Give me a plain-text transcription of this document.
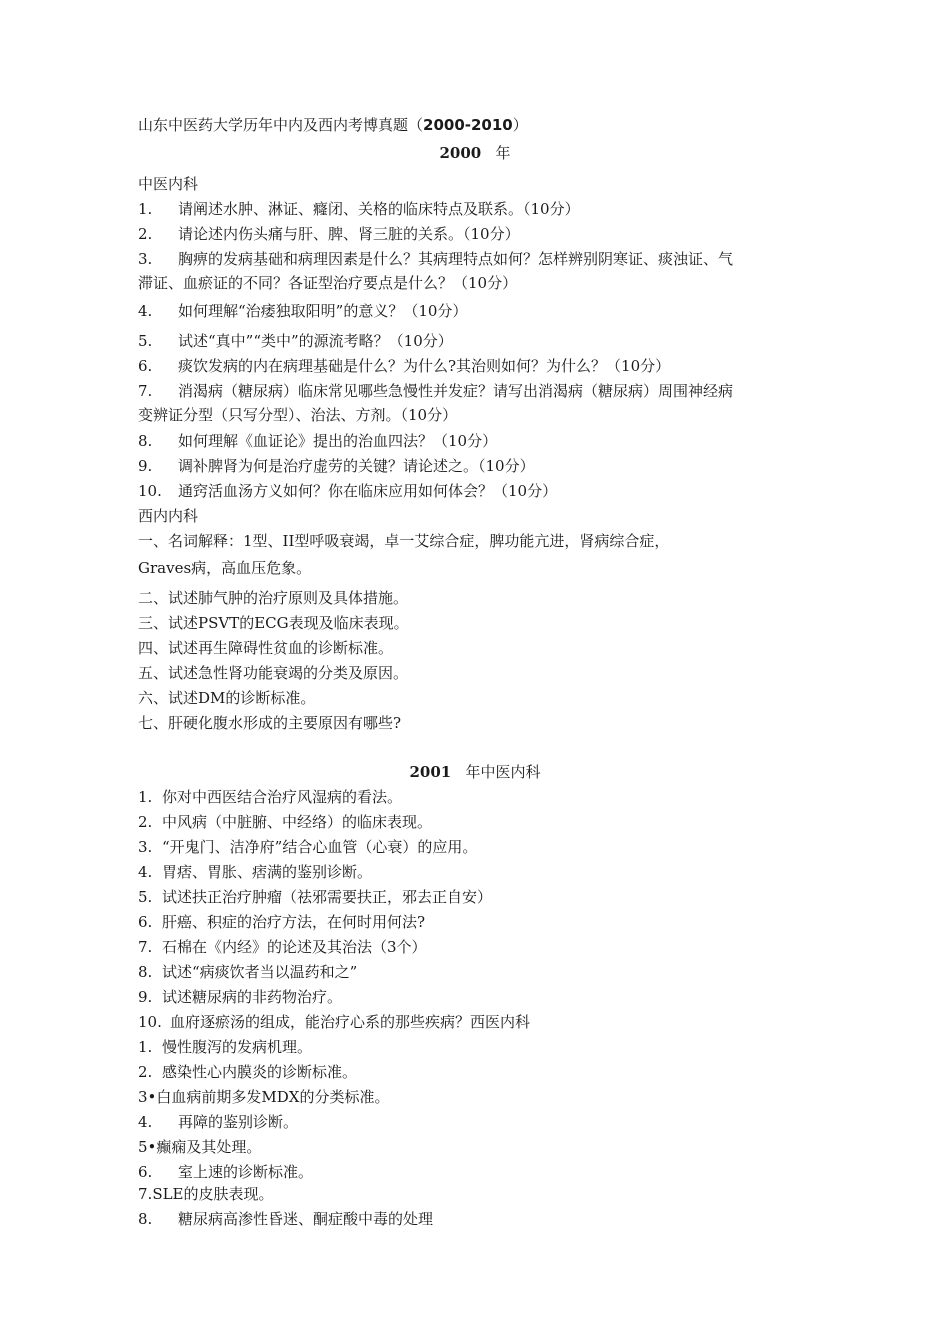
山东中医药大学历年中内及西内考博真题（2000-2010）
2000 年
中医内科
1. 请阐述水肿、淋证、癃闭、关格的临床特点及联系。（10分）
2. 请论述内伤头痛与肝、脾、肾三脏的关系。（10分）
3. 胸痹的发病基础和病理因素是什么？其病理特点如何？怎样辨别阴寒证、痰浊证、气
滞证、血瘀证的不同？各证型治疗要点是什么？（10分）
4. 如何理解“治痿独取阳明”的意义？（10分）
5. 试述“真中”“类中”的源流考略？（10分）
6. 痰饮发病的内在病理基础是什么？为什么?其治则如何？为什么？（10分）
7. 消渴病（糖尿病）临床常见哪些急慢性并发症？请写出消渴病（糖尿病）周围神经病
变辨证分型（只写分型）、治法、方剂。（10分）
8. 如何理解《血证论》提出的治血四法？（10分）
9. 调补脾肾为何是治疗虚劳的关键？请论述之。（10分）
10. 通窍活血汤方义如何？你在临床应用如何体会？（10分）
西内内科
一、名词解释：1型、II型呼吸衰竭，卓一艾综合症，脾功能亢进，肾病综合症，
Graves病，高血压危象。
二、试述肺气肿的治疗原则及具体措施。
三、试述PSVT的ECG表现及临床表现。
四、试述再生障碍性贫血的诊断标准。
五、试述急性肾功能衰竭的分类及原因。
六、试述DM的诊断标准。
七、肝硬化腹水形成的主要原因有哪些?
2001 年中医内科
1. 你对中西医结合治疗风湿病的看法。
2. 中风病（中脏腑、中经络）的临床表现。
3. “开鬼门、洁净府”结合心血管（心衰）的应用。
4. 胃痞、胃胀、痞满的鉴别诊断。
5. 试述扶正治疗肿瘤（祛邪需要扶正，邪去正自安）
6. 肝癌、积症的治疗方法，在何时用何法?
7. 石棉在《内经》的论述及其治法（3个）
8. 试述“病痰饮者当以温药和之”
9. 试述糖尿病的非药物治疗。
10. 血府逐瘀汤的组成，能治疗心系的那些疾病？西医内科
1. 慢性腹泻的发病机理。
2. 感染性心内膜炎的诊断标准。
3•白血病前期多发MDX的分类标准。
4. 再障的鉴别诊断。
5•癫痫及其处理。
6. 室上速的诊断标准。
7.SLE的皮肤表现。
8. 糖尿病高渗性昏迷、酮症酸中毒的处理
